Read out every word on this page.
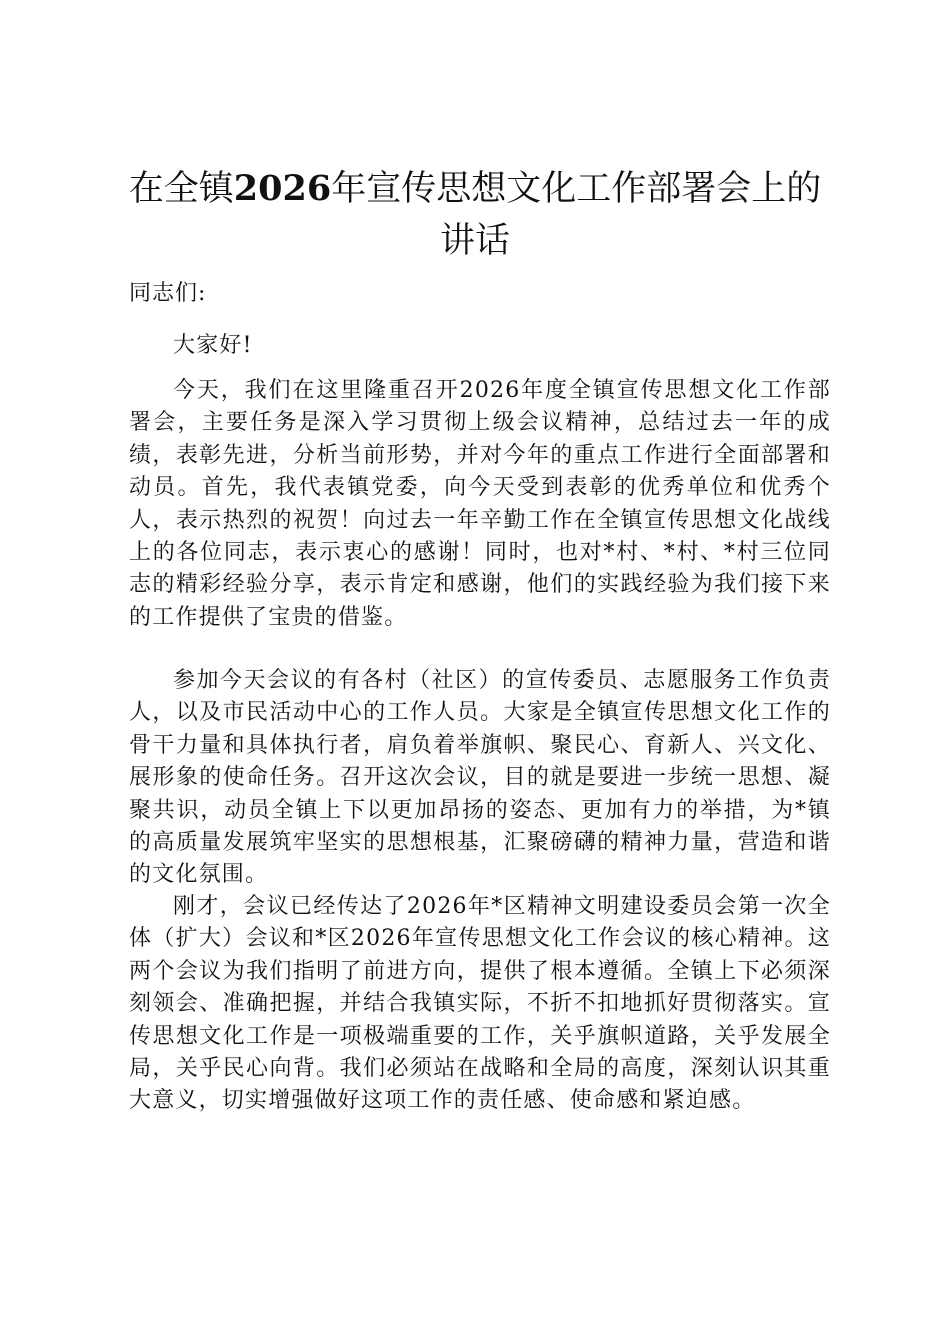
在全镇2026年宣传思想文化工作部署会上的讲话

同志们:

大家好!

今天，我们在这里隆重召开2026年度全镇宣传思想文化工作部署会，主要任务是深入学习贯彻上级会议精神，总结过去一年的成绩，表彰先进，分析当前形势，并对今年的重点工作进行全面部署和动员。首先，我代表镇党委，向今天受到表彰的优秀单位和优秀个人，表示热烈的祝贺！向过去一年辛勤工作在全镇宣传思想文化战线上的各位同志，表示衷心的感谢！同时，也对*村、*村、*村三位同志的精彩经验分享，表示肯定和感谢，他们的实践经验为我们接下来的工作提供了宝贵的借鉴。

参加今天会议的有各村（社区）的宣传委员、志愿服务工作负责人，以及市民活动中心的工作人员。大家是全镇宣传思想文化工作的骨干力量和具体执行者，肩负着举旗帜、聚民心、育新人、兴文化、展形象的使命任务。召开这次会议，目的就是要进一步统一思想、凝聚共识，动员全镇上下以更加昂扬的姿态、更加有力的举措，为*镇的高质量发展筑牢坚实的思想根基，汇聚磅礴的精神力量，营造和谐的文化氛围。

刚才，会议已经传达了2026年*区精神文明建设委员会第一次全体（扩大）会议和*区2026年宣传思想文化工作会议的核心精神。这两个会议为我们指明了前进方向，提供了根本遵循。全镇上下必须深刻领会、准确把握，并结合我镇实际，不折不扣地抓好贯彻落实。宣传思想文化工作是一项极端重要的工作，关乎旗帜道路，关乎发展全局，关乎民心向背。我们必须站在战略和全局的高度，深刻认识其重大意义，切实增强做好这项工作的责任感、使命感和紧迫感。
